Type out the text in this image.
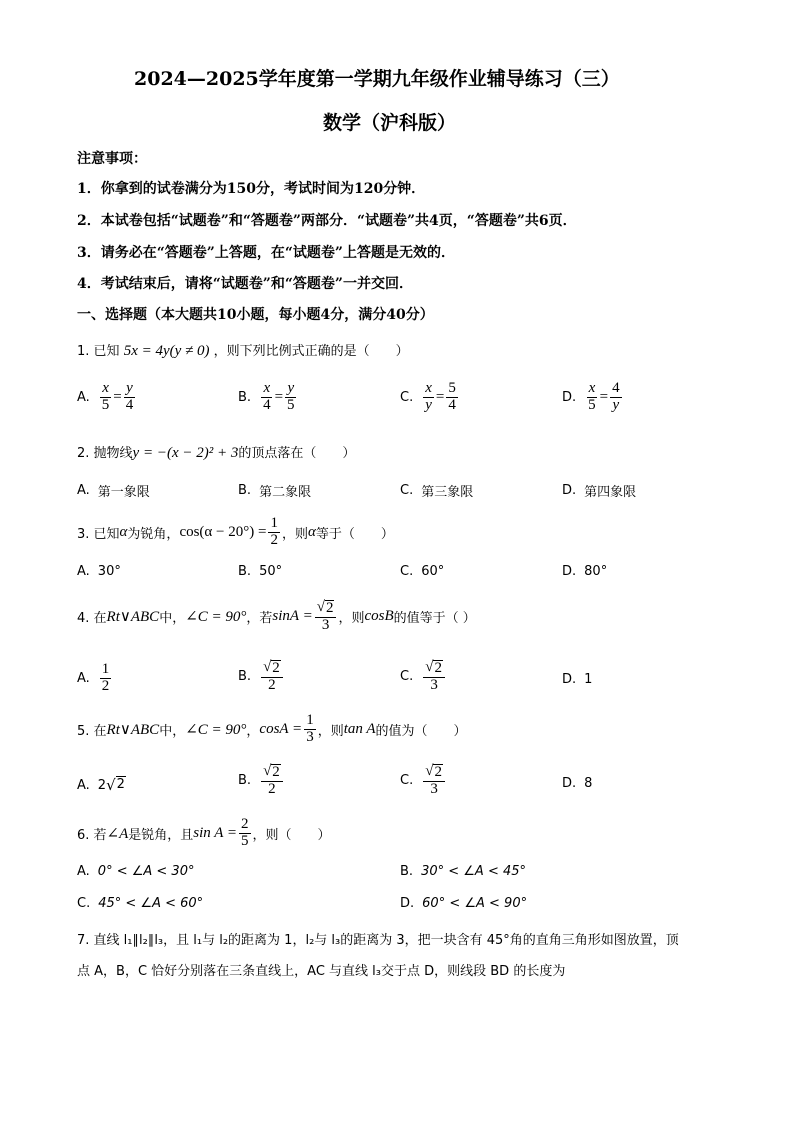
2024—2025学年度第一学期九年级作业辅导练习（三）
数学（沪科版）
注意事项：
1．你拿到的试卷满分为150分，考试时间为120分钟．
2．本试卷包括“试题卷”和“答题卷”两部分．“试题卷”共4页，“答题卷”共6页．
3．请务必在“答题卷”上答题，在“试题卷”上答题是无效的．
4．考试结束后，请将“试题卷”和“答题卷”一并交回．
一、选择题（本大题共10小题，每小题4分，满分40分）
1. 已知 5x = 4y(y ≠ 0) ，则下列比例式正确的是（　　）
A. $\frac{x}{5} = \frac{y}{4}$	B. $\frac{x}{4} = \frac{y}{5}$	C. $\frac{x}{y} = \frac{5}{4}$	D. $\frac{x}{5} = \frac{4}{y}$
2. 抛物线y = −(x − 2)² + 3的顶点落在（　　）
A. 第一象限	B. 第二象限	C. 第三象限	D. 第四象限
3. 已知 α 为锐角， $\cos(\alpha - 20^\circ) = \frac{1}{2}$ ，则 α 等于（　　）
A. 30°	B. 50°	C. 60°	D. 80°
4. 在 Rt∨ABC 中， ∠C = 90° ，若 $\sin A = \frac{√ 2}{3}$ ，则 cosB 的值等于（ ）
A. $\frac{1}{2}$	B. $\frac{√ 2}{2}$	C. $\frac{√ 2}{3}$	D. 1
5. 在 Rt∨ABC 中， ∠C = 90° ， $\cos A = \frac{1}{3}$ ，则 tan A 的值为（　　）
A. 2 √ 2	B. $\frac{√ 2}{2}$	C. $\frac{√ 2}{3}$	D. 8
6. 若 ∠A 是锐角，且 $\sin A = \frac{2}{5}$ ，则（　　）
A. 0° < ∠A < 30°	B. 30° < ∠A < 45°
C. 45° < ∠A < 60°	D. 60° < ∠A < 90°
7. 直线 l₁∥l₂∥l₃，且 l₁与 l₂的距离为 1，l₂与 l₃的距离为 3，把一块含有 45°角的直角三角形如图放置，顶
点 A，B，C 恰好分别落在三条直线上，AC 与直线 l₃交于点 D，则线段 BD 的长度为
